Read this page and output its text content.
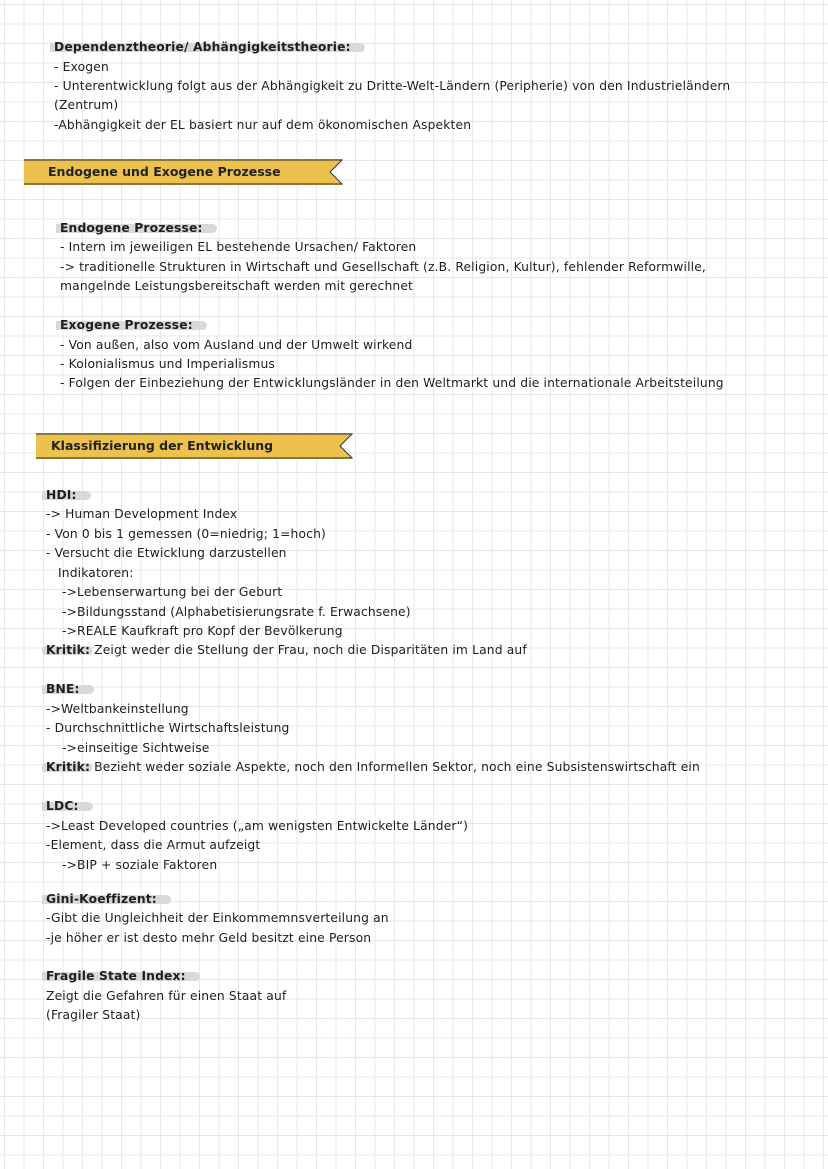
Dependenztheorie/ Abhängigkeitstheorie:
- Exogen
- Unterentwicklung folgt aus der Abhängigkeit zu Dritte-Welt-Ländern (Peripherie) von den Industrieländern
(Zentrum)
-Abhängigkeit der EL basiert nur auf dem ökonomischen Aspekten
Endogene und Exogene Prozesse
Endogene Prozesse:
- Intern im jeweiligen EL bestehende Ursachen/ Faktoren
-> traditionelle Strukturen in Wirtschaft und Gesellschaft (z.B. Religion, Kultur), fehlender Reformwille,
mangelnde Leistungsbereitschaft werden mit gerechnet
Exogene Prozesse:
- Von außen, also vom Ausland und der Umwelt wirkend
- Kolonialismus und Imperialismus
- Folgen der Einbeziehung der Entwicklungsländer in den Weltmarkt und die internationale Arbeitsteilung
Klassifizierung der Entwicklung
HDI:
-> Human Development Index
- Von 0 bis 1 gemessen (0=niedrig; 1=hoch)
- Versucht die Etwicklung darzustellen
Indikatoren:
->Lebenserwartung bei der Geburt
->Bildungsstand (Alphabetisierungsrate f. Erwachsene)
->REALE Kaufkraft pro Kopf der Bevölkerung
Kritik: Zeigt weder die Stellung der Frau, noch die Disparitäten im Land auf
BNE:
->Weltbankeinstellung
- Durchschnittliche Wirtschaftsleistung
->einseitige Sichtweise
Kritik: Bezieht weder soziale Aspekte, noch den Informellen Sektor, noch eine Subsistenswirtschaft ein
LDC:
->Least Developed countries („am wenigsten Entwickelte Länder“)
-Element, dass die Armut aufzeigt
->BIP + soziale Faktoren
Gini-Koeffizent:
-Gibt die Ungleichheit der Einkommemnsverteilung an
-je höher er ist desto mehr Geld besitzt eine Person
Fragile State Index:
Zeigt die Gefahren für einen Staat auf
(Fragiler Staat)
